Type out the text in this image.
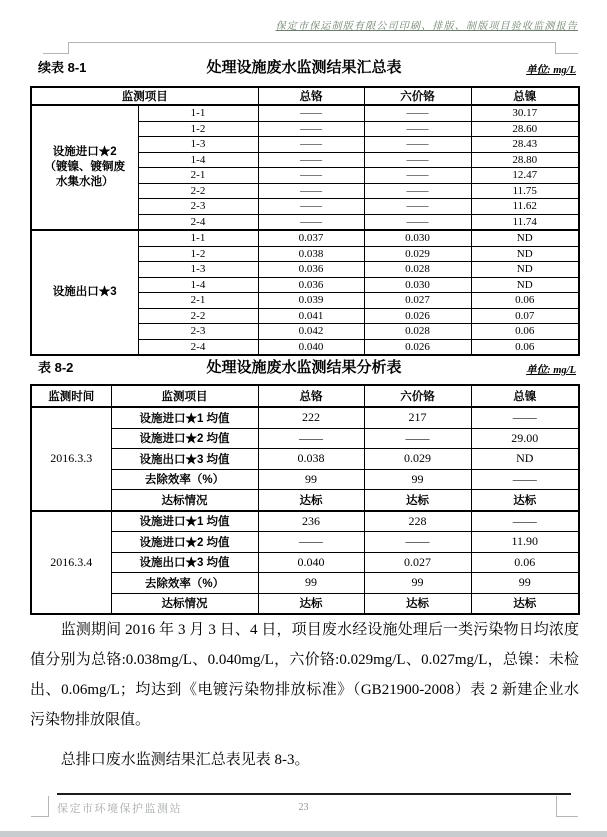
保定市保运制版有限公司印刷、排版、制版项目验收监测报告
续表 8-1	处理设施废水监测结果汇总表	单位: mg/L
监测项目		总铬	六价铬	总镍
设施进口★2
（镀镍、镀铜废
水集水池）	1-1	——	——	30.17
	1-2	——	——	28.60
	1-3	——	——	28.43
	1-4	——	——	28.80
	2-1	——	——	12.47
	2-2	——	——	11.75
	2-3	——	——	11.62
	2-4	——	——	11.74
设施出口★3	1-1	0.037	0.030	ND
	1-2	0.038	0.029	ND
	1-3	0.036	0.028	ND
	1-4	0.036	0.030	ND
	2-1	0.039	0.027	0.06
	2-2	0.041	0.026	0.07
	2-3	0.042	0.028	0.06
	2-4	0.040	0.026	0.06
表 8-2	处理设施废水监测结果分析表	单位: mg/L
监测时间	监测项目	总铬	六价铬	总镍
2016.3.3	设施进口★1 均值	222	217	——
	设施进口★2 均值	——	——	29.00
	设施出口★3 均值	0.038	0.029	ND
	去除效率（%）	99	99	——
	达标情况	达标	达标	达标
2016.3.4	设施进口★1 均值	236	228	——
	设施进口★2 均值	——	——	11.90
	设施出口★3 均值	0.040	0.027	0.06
	去除效率（%）	99	99	99
	达标情况	达标	达标	达标

监测期间 2016 年 3 月 3 日、4 日，项目废水经设施处理后一类污染物日均浓度值分别为总铬:0.038mg/L、0.040mg/L，六价铬:0.029mg/L、0.027mg/L，总镍：未检出、0.06mg/L；均达到《电镀污染物排放标准》（GB21900-2008）表 2 新建企业水污染物排放限值。

总排口废水监测结果汇总表见表 8-3。

保定市环境保护监测站	23
